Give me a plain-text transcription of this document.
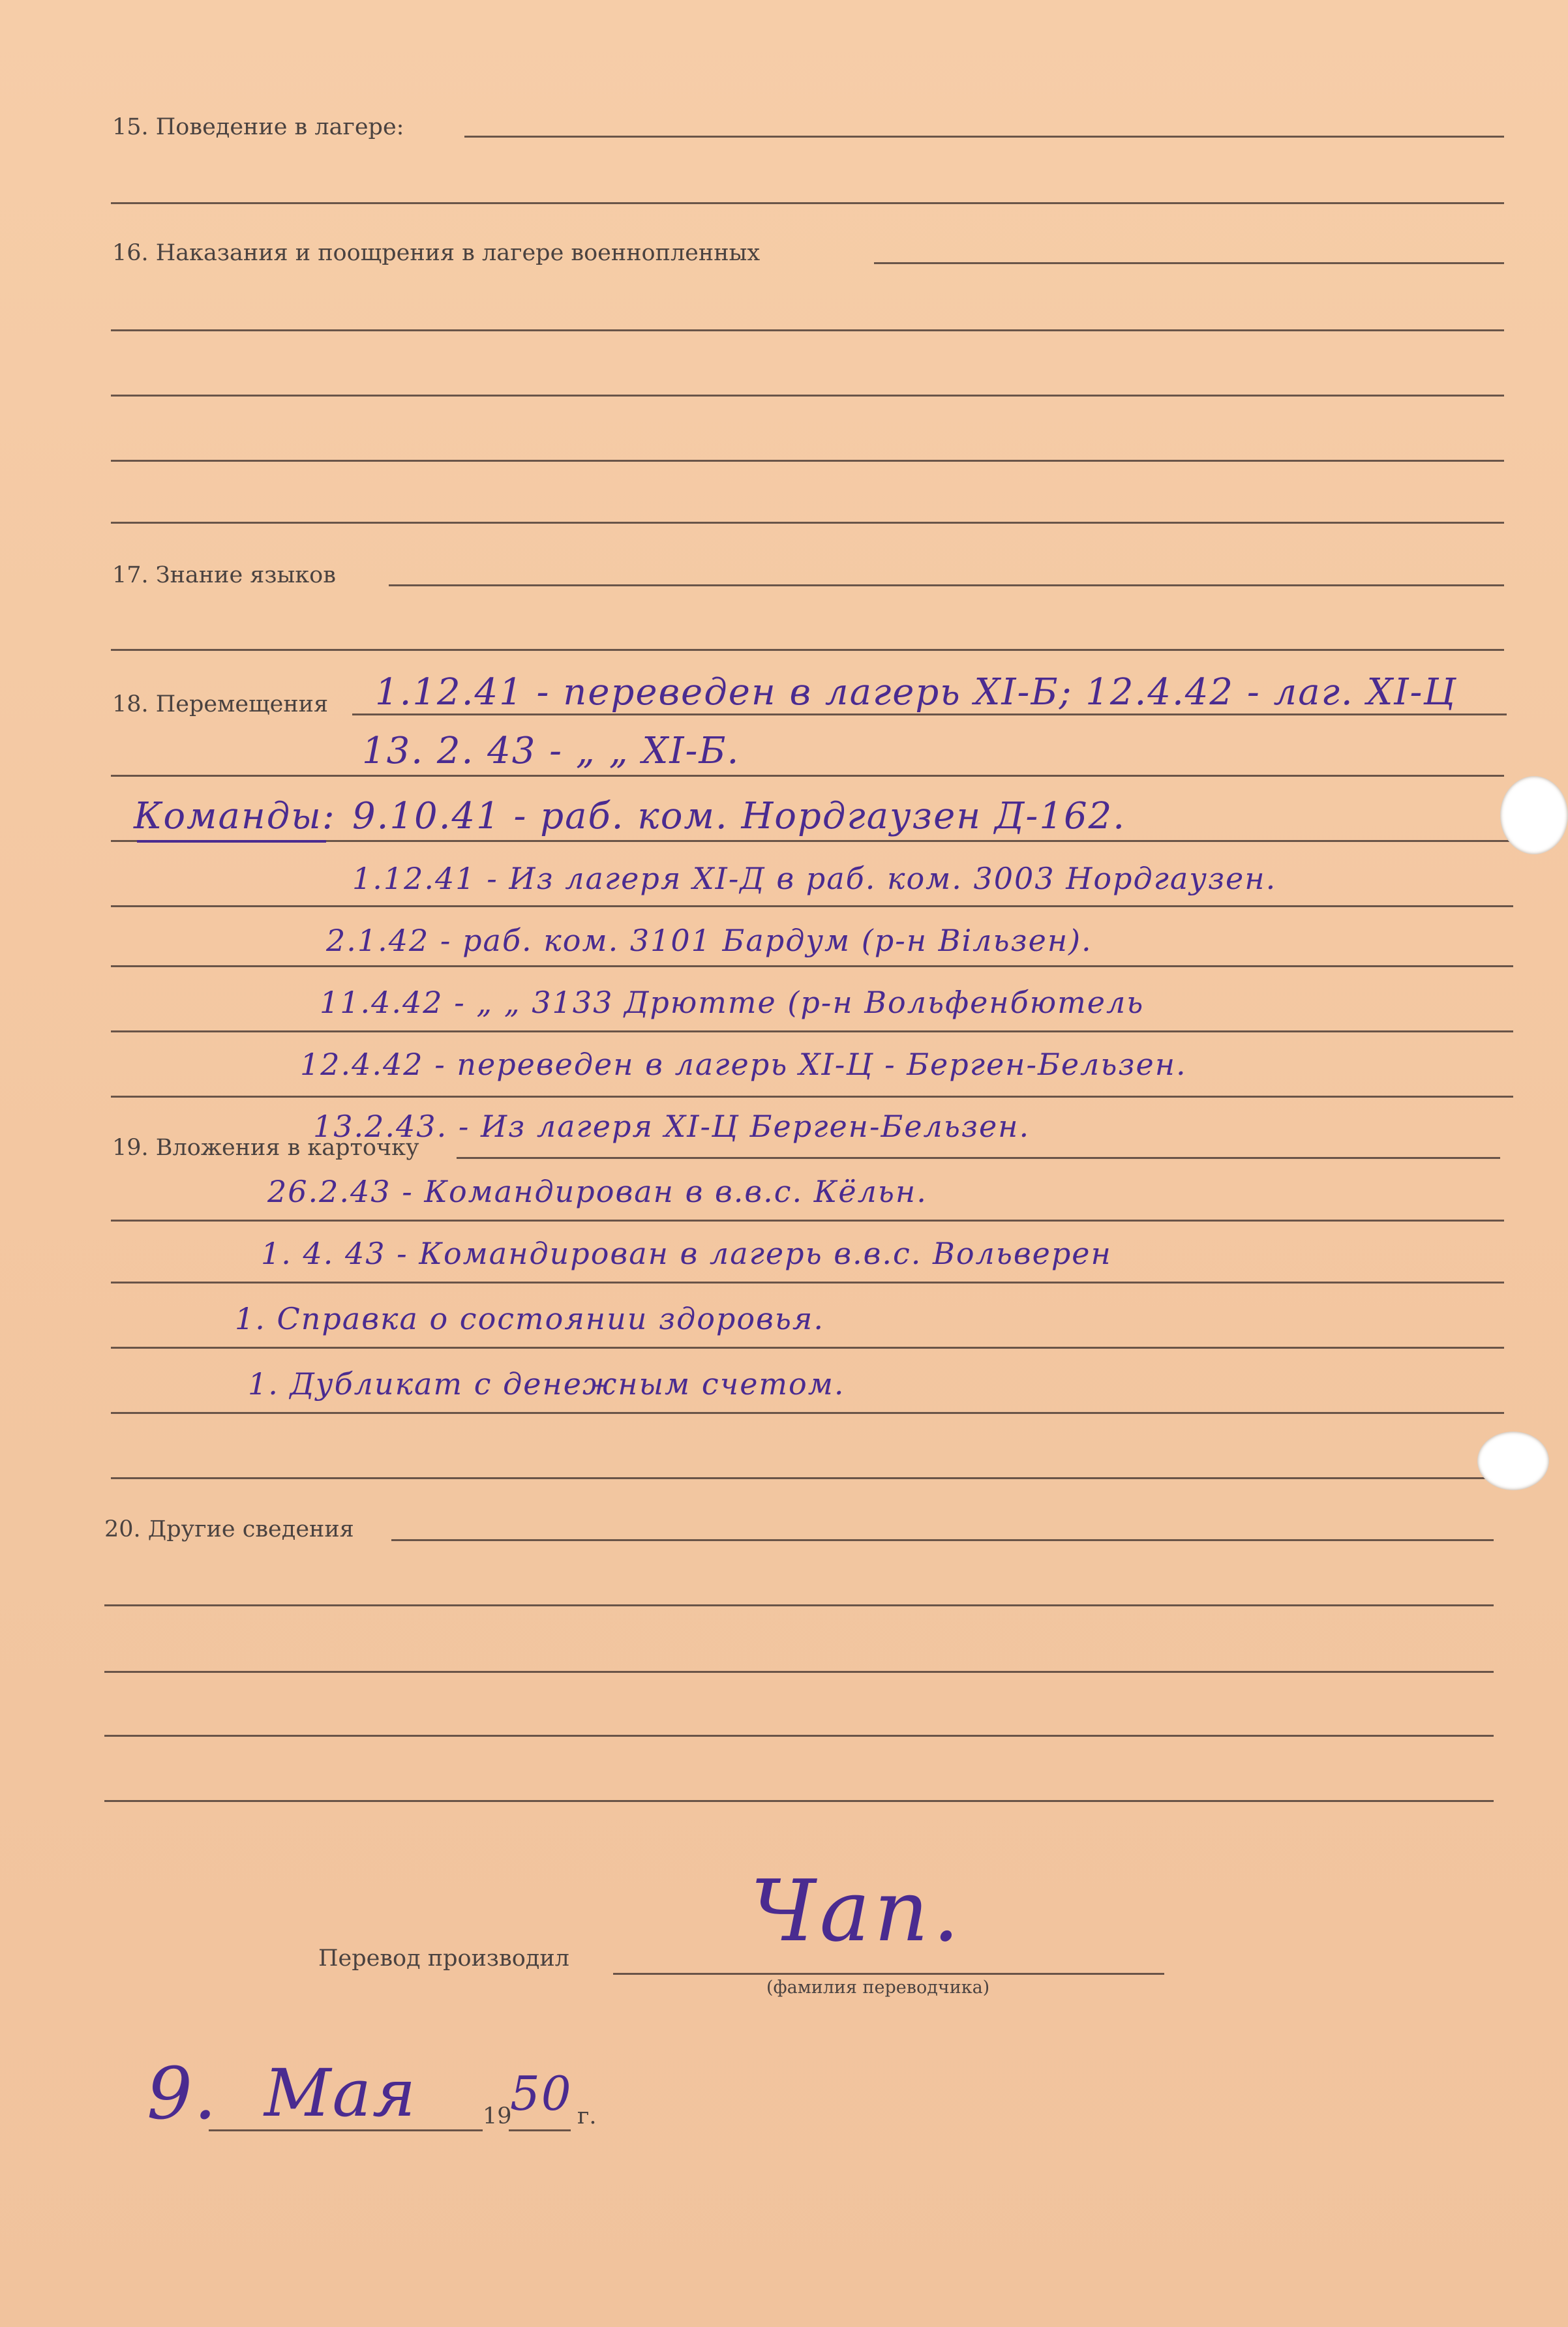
15. Поведение в лагере:
16. Наказания и поощрения в лагере военнопленных
17. Знание языков
18. Перемещения
19. Вложения в карточку
20. Другие сведения
1.12.41 - переведен в лагерь XI-Б; 12.4.42 - лаг. XI-Ц
13. 2. 43 - „ „ XI-Б.
Команды: 9.10.41 - раб. ком. Нордгаузен Д-162.
1.12.41 - Из лагеря XI-Д в раб. ком. 3003 Нордгаузен.
2.1.42 - раб. ком. 3101 Бардум (р-н Вільзен).
11.4.42 - „ „ 3133 Дрютте (р-н Вольфенбютель
12.4.42 - переведен в лагерь XI-Ц - Берген-Бельзен.
13.2.43. - Из лагеря XI-Ц Берген-Бельзен.
26.2.43 - Командирован в в.в.с. Кёльн.
1. 4. 43 - Командирован в лагерь в.в.с. Вольверен
1. Справка о состоянии здоровья.
1. Дубликат с денежным счетом.
Перевод производил
(фамилия переводчика)
Чап.
9. Мая	19
50 г.
